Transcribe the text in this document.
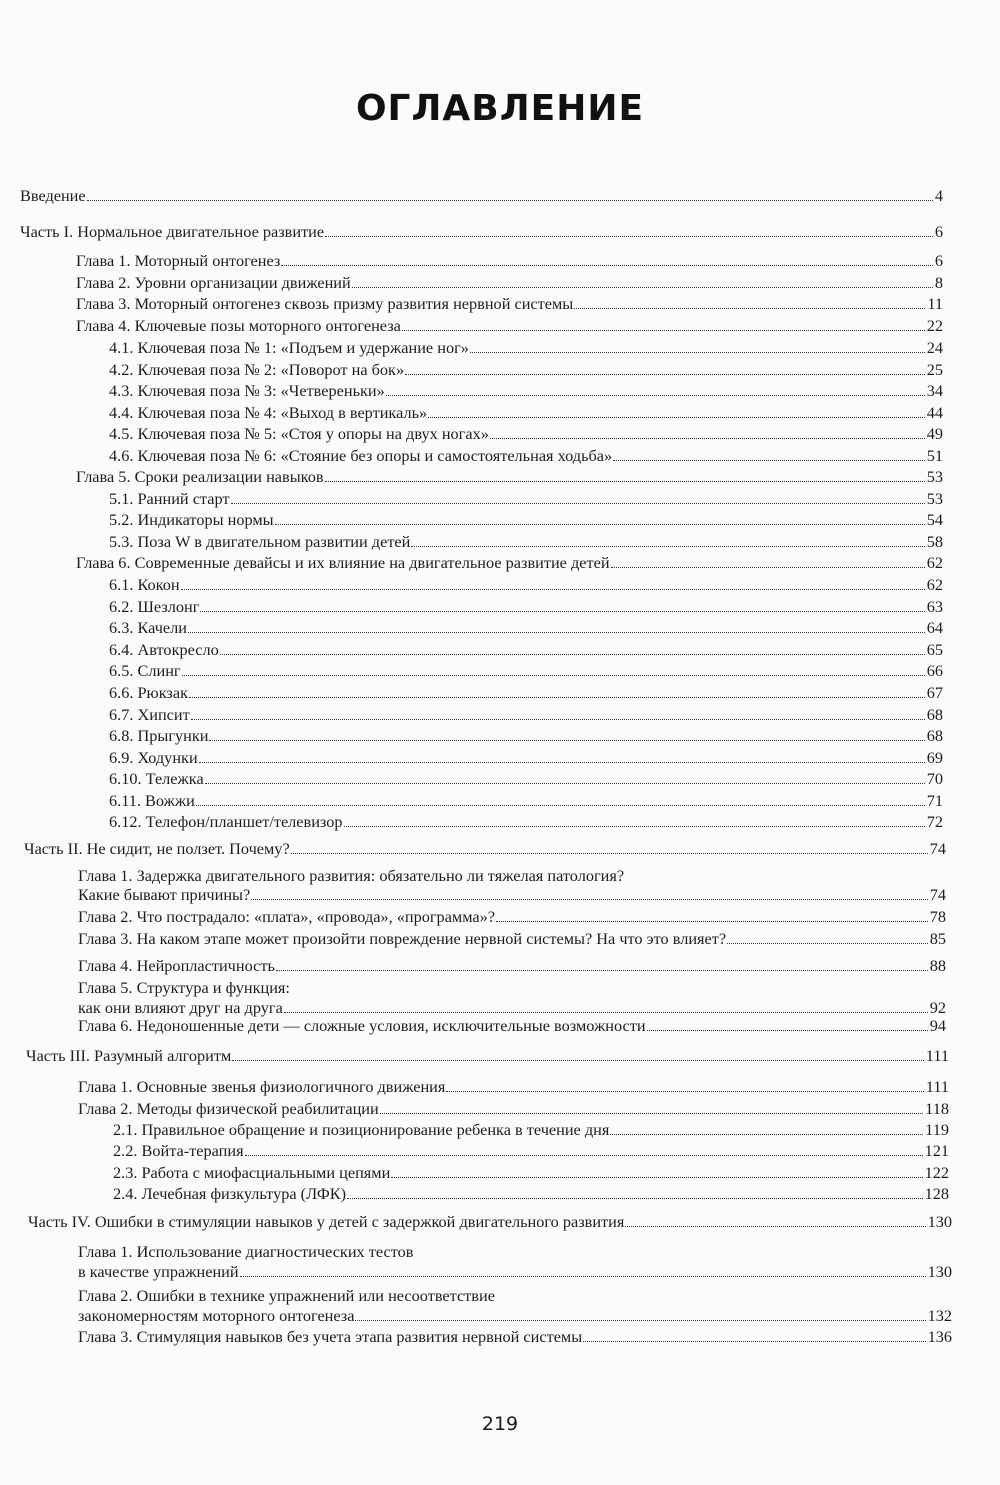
ОГЛАВЛЕНИЕ
Введение	4
Часть I. Нормальное двигательное развитие	6
Глава 1. Моторный онтогенез	6
Глава 2. Уровни организации движений	8
Глава 3. Моторный онтогенез сквозь призму развития нервной системы	11
Глава 4. Ключевые позы моторного онтогенеза	22
4.1. Ключевая поза № 1: «Подъем и удержание ног»	24
4.2. Ключевая поза № 2: «Поворот на бок»	25
4.3. Ключевая поза № 3: «Четвереньки»	34
4.4. Ключевая поза № 4: «Выход в вертикаль»	44
4.5. Ключевая поза № 5: «Стоя у опоры на двух ногах»	49
4.6. Ключевая поза № 6: «Стояние без опоры и самостоятельная ходьба»	51
Глава 5. Сроки реализации навыков	53
5.1. Ранний старт	53
5.2. Индикаторы нормы	54
5.3. Поза W в двигательном развитии детей	58
Глава 6. Современные девайсы и их влияние на двигательное развитие детей	62
6.1. Кокон	62
6.2. Шезлонг	63
6.3. Качели	64
6.4. Автокресло	65
6.5. Слинг	66
6.6. Рюкзак	67
6.7. Хипсит	68
6.8. Прыгунки	68
6.9. Ходунки	69
6.10. Тележка	70
6.11. Вожжи	71
6.12. Телефон/планшет/телевизор	72
Часть II. Не сидит, не ползет. Почему?	74
Глава 1. Задержка двигательного развития: обязательно ли тяжелая патология?
Какие бывают причины?	74
Глава 2. Что пострадало: «плата», «провода», «программа»?	78
Глава 3. На каком этапе может произойти повреждение нервной системы? На что это влияет?	85
Глава 4. Нейропластичность	88
Глава 5. Структура и функция:
как они влияют друг на друга	92
Глава 6. Недоношенные дети — сложные условия, исключительные возможности	94
Часть III. Разумный алгоритм	111
Глава 1. Основные звенья физиологичного движения	111
Глава 2. Методы физической реабилитации	118
2.1. Правильное обращение и позиционирование ребенка в течение дня	119
2.2. Войта-терапия	121
2.3. Работа с миофасциальными цепями	122
2.4. Лечебная физкультура (ЛФК)	128
Часть IV. Ошибки в стимуляции навыков у детей с задержкой двигательного развития	130
Глава 1. Использование диагностических тестов
в качестве упражнений	130
Глава 2. Ошибки в технике упражнений или несоответствие
закономерностям моторного онтогенеза	132
Глава 3. Стимуляция навыков без учета этапа развития нервной системы	136
219
